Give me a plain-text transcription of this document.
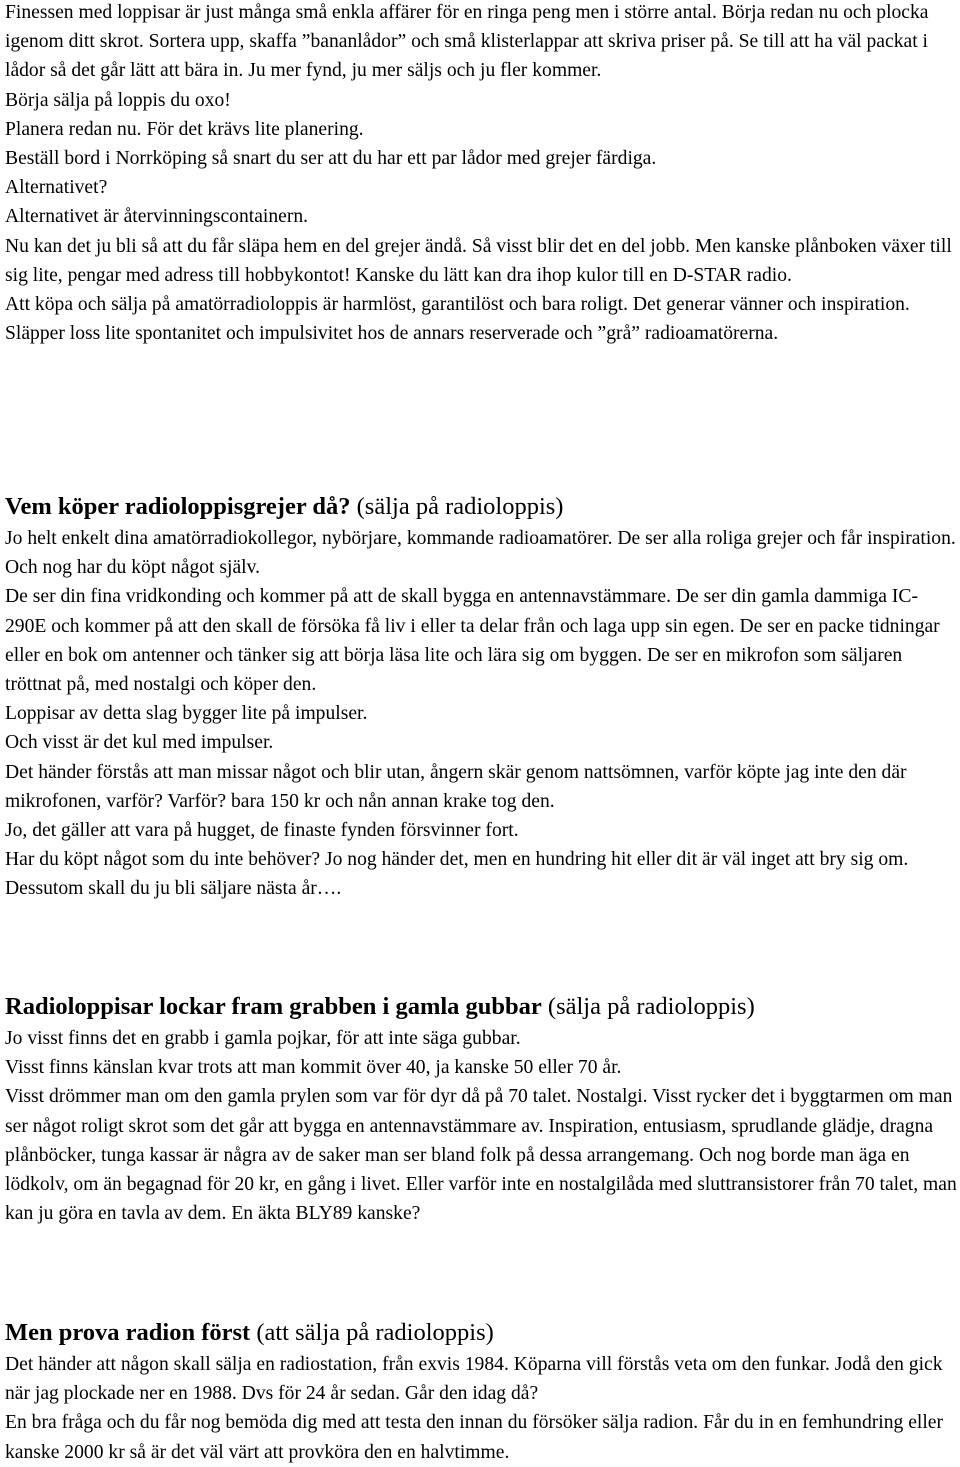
Finessen med loppisar är just många små enkla affärer för en ringa peng men i större antal. Börja redan nu och plocka igenom ditt skrot. Sortera upp, skaffa ”bananlådor” och små klisterlappar att skriva priser på. Se till att ha väl packat i lådor så det går lätt att bära in. Ju mer fynd, ju mer säljs och ju fler kommer.

Börja sälja på loppis du oxo!

Planera redan nu. För det krävs lite planering.

Beställ bord i Norrköping så snart du ser att du har ett par lådor med grejer färdiga.

Alternativet?

Alternativet är återvinningscontainern.

Nu kan det ju bli så att du får släpa hem en del grejer ändå. Så visst blir det en del jobb. Men kanske plånboken växer till sig lite, pengar med adress till hobbykontot! Kanske du lätt kan dra ihop kulor till en D-STAR radio.

Att köpa och sälja på amatörradioloppis är harmlöst, garantilöst och bara roligt. Det generar vänner och inspiration. Släpper loss lite spontanitet och impulsivitet hos de annars reserverade och ”grå” radioamatörerna.

Vem köper radioloppisgrejer då? (sälja på radioloppis)

Jo helt enkelt dina amatörradiokollegor, nybörjare, kommande radioamatörer. De ser alla roliga grejer och får inspiration. Och nog har du köpt något själv.

De ser din fina vridkonding och kommer på att de skall bygga en antennavstämmare. De ser din gamla dammiga IC-290E och kommer på att den skall de försöka få liv i eller ta delar från och laga upp sin egen. De ser en packe tidningar eller en bok om antenner och tänker sig att börja läsa lite och lära sig om byggen. De ser en mikrofon som säljaren tröttnat på, med nostalgi och köper den.

Loppisar av detta slag bygger lite på impulser.

Och visst är det kul med impulser.

Det händer förstås att man missar något och blir utan, ångern skär genom nattsömnen, varför köpte jag inte den där mikrofonen, varför? Varför? bara 150 kr och nån annan krake tog den.

Jo, det gäller att vara på hugget, de finaste fynden försvinner fort.

Har du köpt något som du inte behöver? Jo nog händer det, men en hundring hit eller dit är väl inget att bry sig om. Dessutom skall du ju bli säljare nästa år….

Radioloppisar lockar fram grabben i gamla gubbar (sälja på radioloppis)

Jo visst finns det en grabb i gamla pojkar, för att inte säga gubbar.

Visst finns känslan kvar trots att man kommit över 40, ja kanske 50 eller 70 år.

Visst drömmer man om den gamla prylen som var för dyr då på 70 talet. Nostalgi. Visst rycker det i byggtarmen om man ser något roligt skrot som det går att bygga en antennavstämmare av. Inspiration, entusiasm, sprudlande glädje, dragna plånböcker, tunga kassar är några av de saker man ser bland folk på dessa arrangemang. Och nog borde man äga en lödkolv, om än begagnad för 20 kr, en gång i livet. Eller varför inte en nostalgilåda med sluttransistorer från 70 talet, man kan ju göra en tavla av dem. En äkta BLY89 kanske?

Men prova radion först (att sälja på radioloppis)

Det händer att någon skall sälja en radiostation, från exvis 1984. Köparna vill förstås veta om den funkar. Jodå den gick när jag plockade ner en 1988. Dvs för 24 år sedan. Går den idag då?

En bra fråga och du får nog bemöda dig med att testa den innan du försöker sälja radion. Får du in en femhundring eller kanske 2000 kr så är det väl värt att provköra den en halvtimme.
